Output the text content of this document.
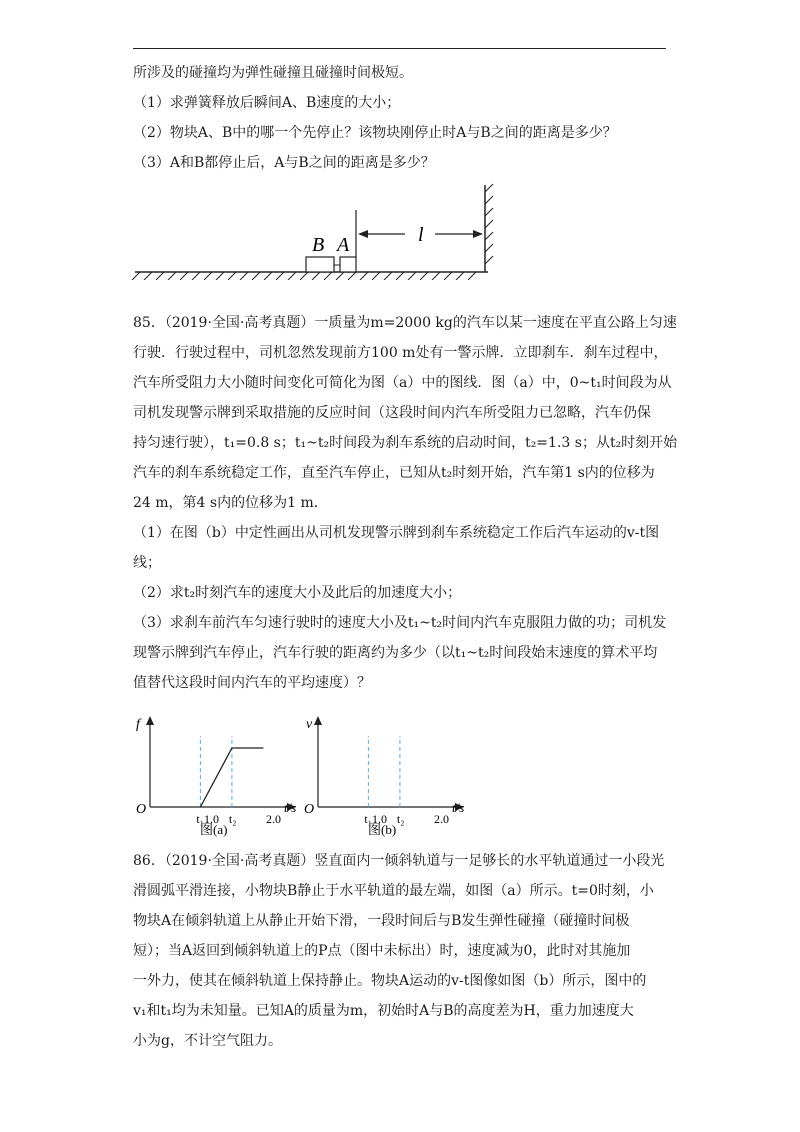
所涉及的碰撞均为弹性碰撞且碰撞时间极短。
（1）求弹簧释放后瞬间A、B速度的大小；
（2）物块A、B中的哪一个先停止？该物块刚停止时A与B之间的距离是多少？
（3）A和B都停止后，A与B之间的距离是多少？
B A	l
85．（2019·全国·高考真题）一质量为m=2000 kg的汽车以某一速度在平直公路上匀速
行驶．行驶过程中，司机忽然发现前方100 m处有一警示牌．立即刹车．刹车过程中，
汽车所受阻力大小随时间变化可简化为图（a）中的图线．图（a）中，0~t₁时间段为从
司机发现警示牌到采取措施的反应时间（这段时间内汽车所受阻力已忽略，汽车仍保
持匀速行驶），t₁=0.8 s；t₁~t₂时间段为刹车系统的启动时间，t₂=1.3 s；从t₂时刻开始
汽车的刹车系统稳定工作，直至汽车停止，已知从t₂时刻开始，汽车第1 s内的位移为
24 m，第4 s内的位移为1 m．
（1）在图（b）中定性画出从司机发现警示牌到刹车系统稳定工作后汽车运动的v-t图
线；
（2）求t₂时刻汽车的速度大小及此后的加速度大小；
（3）求刹车前汽车匀速行驶时的速度大小及t₁~t₂时间内汽车克服阻力做的功；司机发
现警示牌到汽车停止，汽车行驶的距离约为多少（以t₁~t₂时间段始末速度的算术平均
值替代这段时间内汽车的平均速度）？
f
O
t₁ 1.0 t₂ 2.0
t/s
图(a)
v
O
t₁ 1.0 t₂ 2.0
t/s
图(b)
86．（2019·全国·高考真题）竖直面内一倾斜轨道与一足够长的水平轨道通过一小段光
滑圆弧平滑连接，小物块B静止于水平轨道的最左端，如图（a）所示。t=0时刻，小
物块A在倾斜轨道上从静止开始下滑，一段时间后与B发生弹性碰撞（碰撞时间极
短）；当A返回到倾斜轨道上的P点（图中未标出）时，速度减为0，此时对其施加
一外力，使其在倾斜轨道上保持静止。物块A运动的v-t图像如图（b）所示，图中的
v₁和t₁均为未知量。已知A的质量为m，初始时A与B的高度差为H，重力加速度大
小为g，不计空气阻力。
